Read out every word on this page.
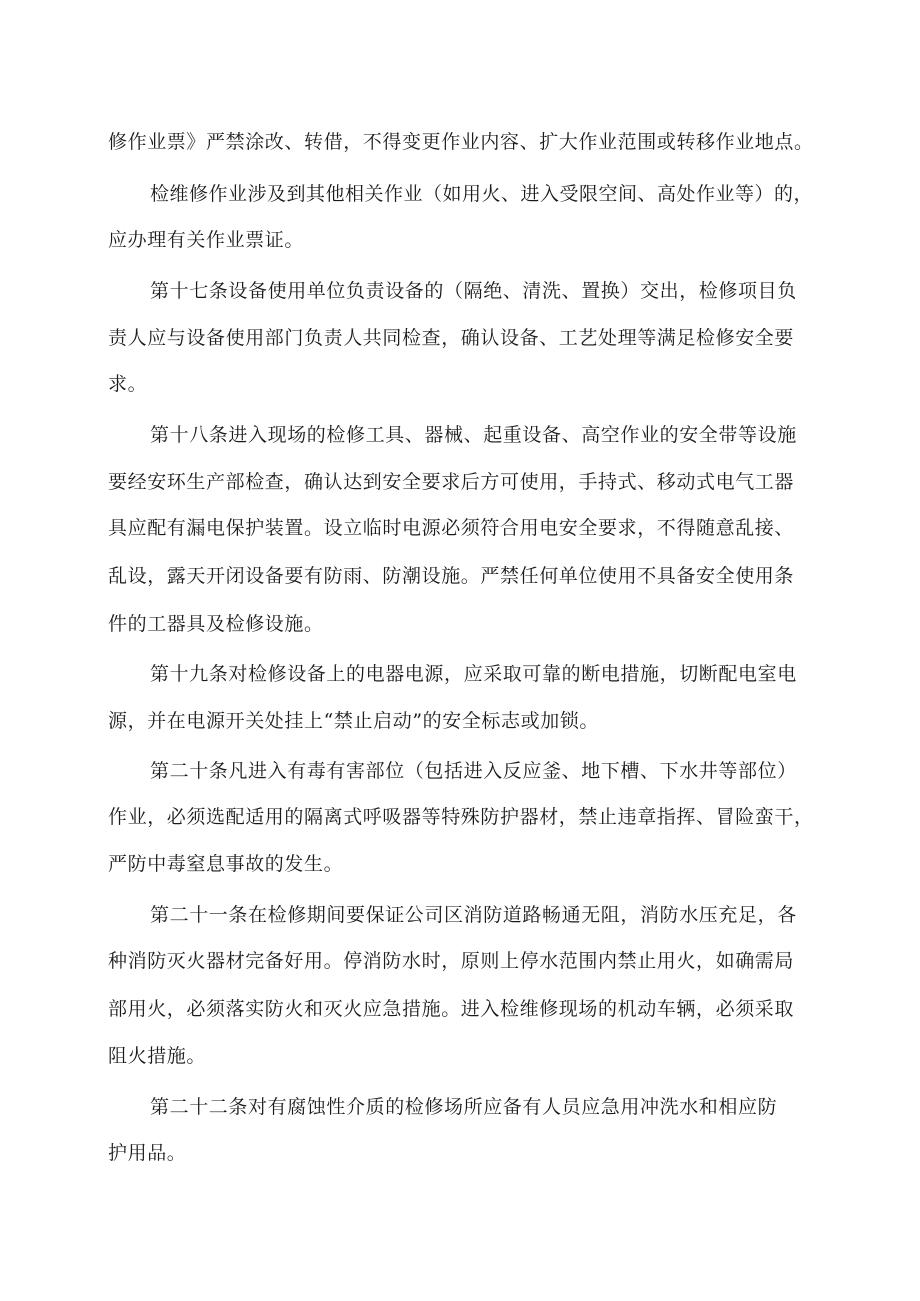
修作业票》严禁涂改、转借，不得变更作业内容、扩大作业范围或转移作业地点。
检维修作业涉及到其他相关作业（如用火、进入受限空间、高处作业等）的，
应办理有关作业票证。
第十七条设备使用单位负责设备的（隔绝、清洗、置换）交出，检修项目负
责人应与设备使用部门负责人共同检查，确认设备、工艺处理等满足检修安全要
求。
第十八条进入现场的检修工具、器械、起重设备、高空作业的安全带等设施
要经安环生产部检查，确认达到安全要求后方可使用，手持式、移动式电气工器
具应配有漏电保护装置。设立临时电源必须符合用电安全要求，不得随意乱接、
乱设，露天开闭设备要有防雨、防潮设施。严禁任何单位使用不具备安全使用条
件的工器具及检修设施。
第十九条对检修设备上的电器电源，应采取可靠的断电措施，切断配电室电
源，并在电源开关处挂上“禁止启动”的安全标志或加锁。
第二十条凡进入有毒有害部位（包括进入反应釜、地下槽、下水井等部位）
作业，必须选配适用的隔离式呼吸器等特殊防护器材，禁止违章指挥、冒险蛮干，
严防中毒窒息事故的发生。
第二十一条在检修期间要保证公司区消防道路畅通无阻，消防水压充足，各
种消防灭火器材完备好用。停消防水时，原则上停水范围内禁止用火，如确需局
部用火，必须落实防火和灭火应急措施。进入检维修现场的机动车辆，必须采取
阻火措施。
第二十二条对有腐蚀性介质的检修场所应备有人员应急用冲洗水和相应防
护用品。
